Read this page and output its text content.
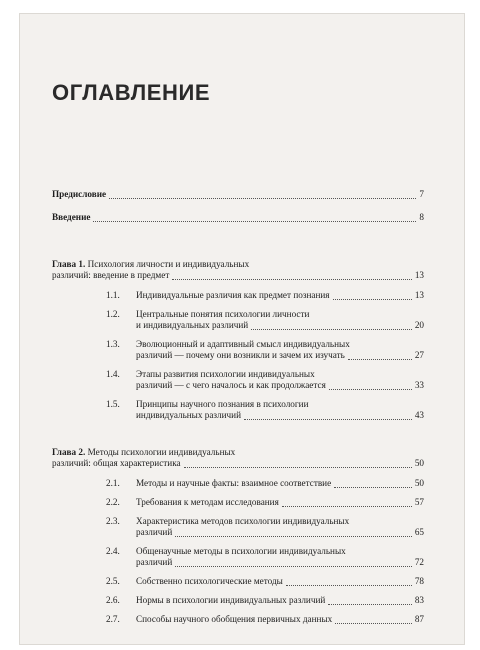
ОГЛАВЛЕНИЕ
Предисловие	7
Введение	8
Глава 1. Психология личности и индивидуальных
различий: введение в предмет	13
1.1.	Индивидуальные различия как предмет познания	13
1.2.	Центральные понятия психологии личности
и индивидуальных различий	20
1.3.	Эволюционный и адаптивный смысл индивидуальных
различий — почему они возникли и зачем их изучать	27
1.4.	Этапы развития психологии индивидуальных
различий — с чего началось и как продолжается	33
1.5.	Принципы научного познания в психологии
индивидуальных различий	43
Глава 2. Методы психологии индивидуальных
различий: общая характеристика	50
2.1.	Методы и научные факты: взаимное соответствие	50
2.2.	Требования к методам исследования	57
2.3.	Характеристика методов психологии индивидуальных
различий	65
2.4.	Общенаучные методы в психологии индивидуальных
различий	72
2.5.	Собственно психологические методы	78
2.6.	Нормы в психологии индивидуальных различий	83
2.7.	Способы научного обобщения первичных данных	87
